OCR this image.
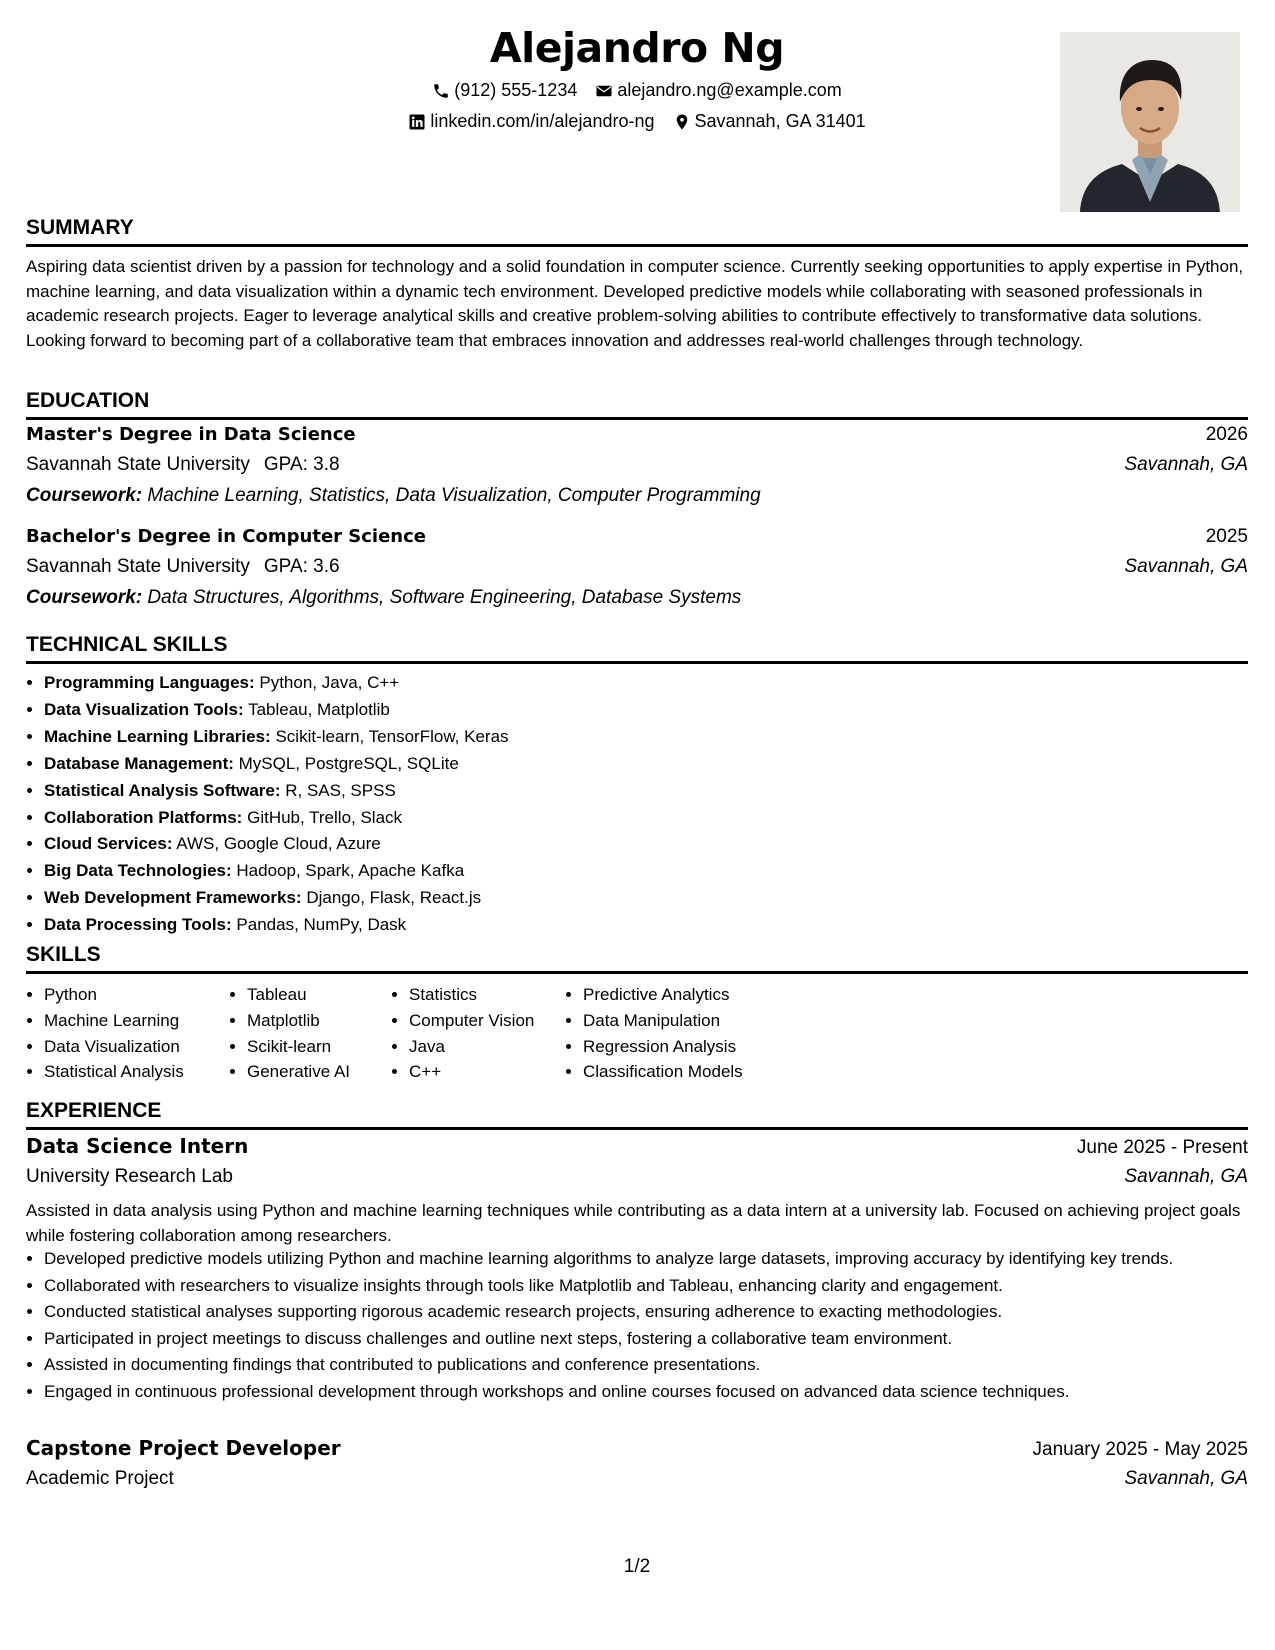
Alejandro Ng
(912) 555-1234 alejandro.ng@example.com
linkedin.com/in/alejandro-ng Savannah, GA 31401
SUMMARY
Aspiring data scientist driven by a passion for technology and a solid foundation in computer science. Currently seeking opportunities to apply expertise in Python, machine learning, and data visualization within a dynamic tech environment. Developed predictive models while collaborating with seasoned professionals in academic research projects. Eager to leverage analytical skills and creative problem-solving abilities to contribute effectively to transformative data solutions. Looking forward to becoming part of a collaborative team that embraces innovation and addresses real-world challenges through technology.
EDUCATION
Master's Degree in Data Science	2026
Savannah State University GPA: 3.8	Savannah, GA
Coursework:
Machine Learning, Statistics, Data Visualization, Computer Programming
Bachelor's Degree in Computer Science	2025
Savannah State University GPA: 3.6	Savannah, GA
Coursework:
Data Structures, Algorithms, Software Engineering, Database Systems
TECHNICAL SKILLS
• Programming Languages: Python, Java, C++
• Data Visualization Tools: Tableau, Matplotlib
• Machine Learning Libraries: Scikit-learn, TensorFlow, Keras
• Database Management: MySQL, PostgreSQL, SQLite
• Statistical Analysis Software: R, SAS, SPSS
• Collaboration Platforms: GitHub, Trello, Slack
• Cloud Services: AWS, Google Cloud, Azure
• Big Data Technologies: Hadoop, Spark, Apache Kafka
• Web Development Frameworks: Django, Flask, React.js
• Data Processing Tools: Pandas, NumPy, Dask
SKILLS
• Python
• Machine Learning
• Data Visualization
• Statistical Analysis
• Tableau
• Matplotlib
• Scikit-learn
• Generative AI
• Statistics
• Computer Vision
• Java
• C++
• Predictive Analytics
• Data Manipulation
• Regression Analysis
• Classification Models
EXPERIENCE
Data Science Intern	June 2025 - Present
University Research Lab	Savannah, GA
Assisted in data analysis using Python and machine learning techniques while contributing as a data intern at a university lab. Focused on achieving project goals while fostering collaboration among researchers.
• Developed predictive models utilizing Python and machine learning algorithms to analyze large datasets, improving accuracy by identifying key trends.
• Collaborated with researchers to visualize insights through tools like Matplotlib and Tableau, enhancing clarity and engagement.
• Conducted statistical analyses supporting rigorous academic research projects, ensuring adherence to exacting methodologies.
• Participated in project meetings to discuss challenges and outline next steps, fostering a collaborative team environment.
• Assisted in documenting findings that contributed to publications and conference presentations.
• Engaged in continuous professional development through workshops and online courses focused on advanced data science techniques.
Capstone Project Developer	January 2025 - May 2025
Academic Project	Savannah, GA
1/2
